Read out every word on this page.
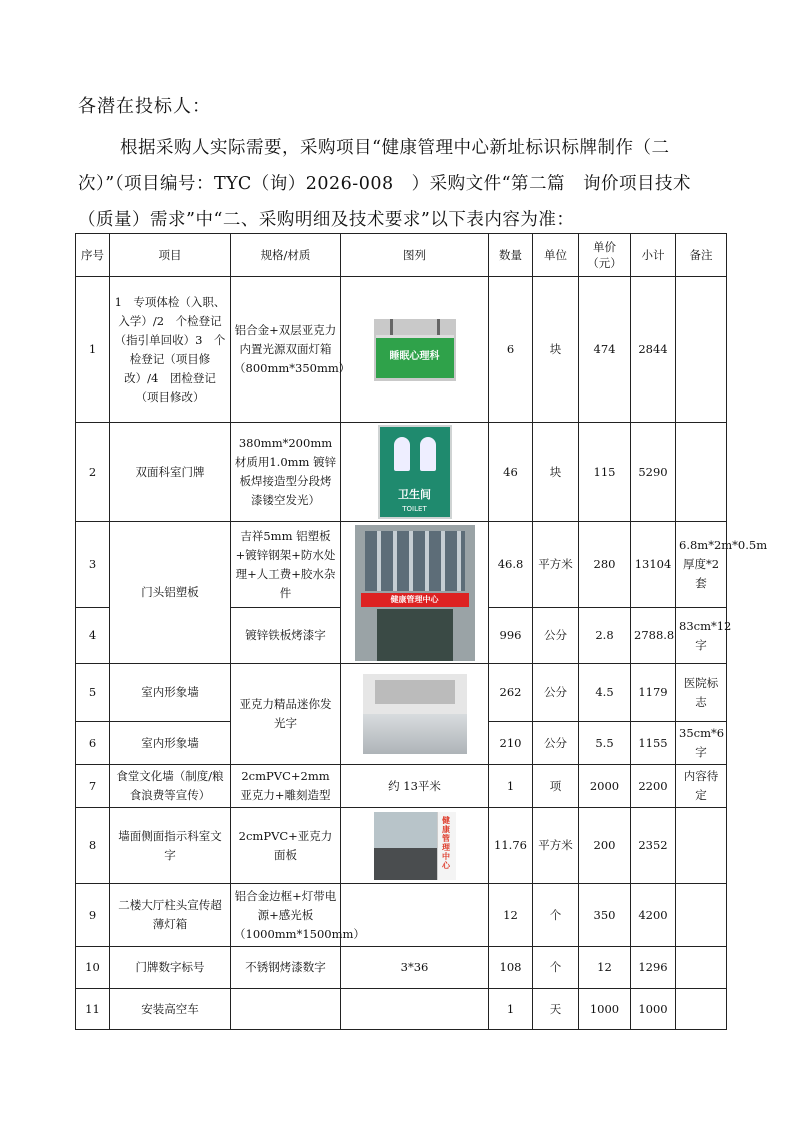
各潜在投标人：
根据采购人实际需要，采购项目“健康管理中心新址标识标牌制作（二
次）”（项目编号：TYC（询）2026-008　）采购文件“第二篇　询价项目技术
（质量）需求”中“二、采购明细及技术要求”以下表内容为准：
序号	项目	规格/材质	图列	数量	单位	单价（元）	小计	备注
1	1　专项体检（入职、入学）/2　个检登记（指引单回收）3　个检登记（项目修改）/4　团检登记（项目修改）	铝合金+双层亚克力内置光源双面灯箱（800mm*350mm）	睡眠心理科	6	块	474	2844	
2	双面科室门牌	380mm*200mm 材质用1.0mm 镀锌板焊接造型分段烤漆镂空发光）	卫生间
TOILET	46	块	115	5290	
3	门头铝塑板	吉祥5mm 铝塑板+镀锌钢架+防水处理+人工费+胶水杂件	健康管理中心	46.8	平方米	280	13104	6.8m*2m*0.5m 厚度*2套
4		镀锌铁板烤漆字		996	公分	2.8	2788.8	83cm*12字
5	室内形象墙	亚克力精品迷你发光字		262	公分	4.5	1179	医院标志
6	室内形象墙			210	公分	5.5	1155	35cm*6字
7	食堂文化墙（制度/粮食浪费等宣传）	2cmPVC+2mm 亚克力+雕刻造型	约 13平米	1	项	2000	2200	内容待定
8	墙面侧面指示科室文字	2cmPVC+亚克力面板	健康管理中心	11.76	平方米	200	2352	
9	二楼大厅柱头宣传超薄灯箱	铝合金边框+灯带电源+感光板（1000mm*1500mm）		12	个	350	4200	
10	门牌数字标号	不锈钢烤漆数字	3*36	108	个	12	1296	
11	安装高空车			1	天	1000	1000	
